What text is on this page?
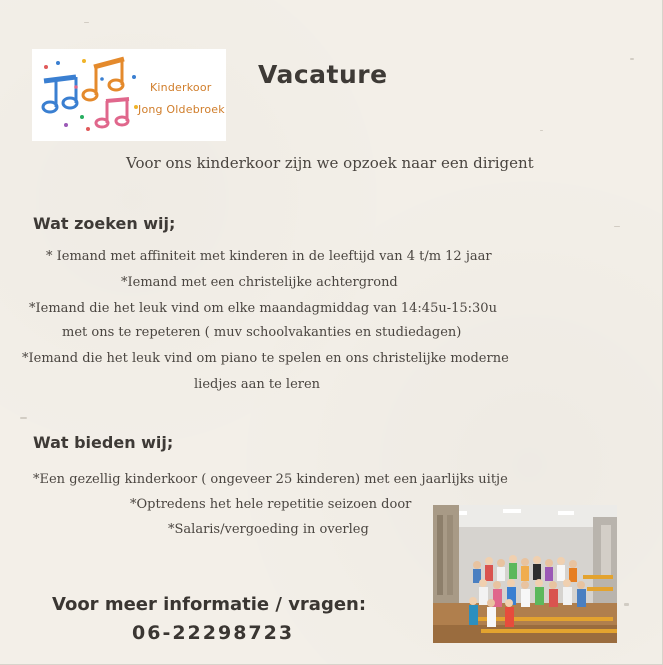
Kinderkoor
Jong Oldebroek
Vacature
Voor ons kinderkoor zijn we opzoek naar een dirigent
Wat zoeken wij;
* Iemand met affiniteit met kinderen in de leeftijd van 4 t/m 12 jaar
*Iemand met een christelijke achtergrond
*Iemand die het leuk vind om elke maandagmiddag van 14:45u-15:30u
met ons te repeteren ( muv schoolvakanties en studiedagen)
*Iemand die het leuk vind om piano te spelen en ons christelijke moderne
liedjes aan te leren
Wat bieden wij;
*Een gezellig kinderkoor ( ongeveer 25 kinderen) met een jaarlijks uitje
*Optredens het hele repetitie seizoen door
*Salaris/vergoeding in overleg
Voor meer informatie / vragen:
06-22298723
